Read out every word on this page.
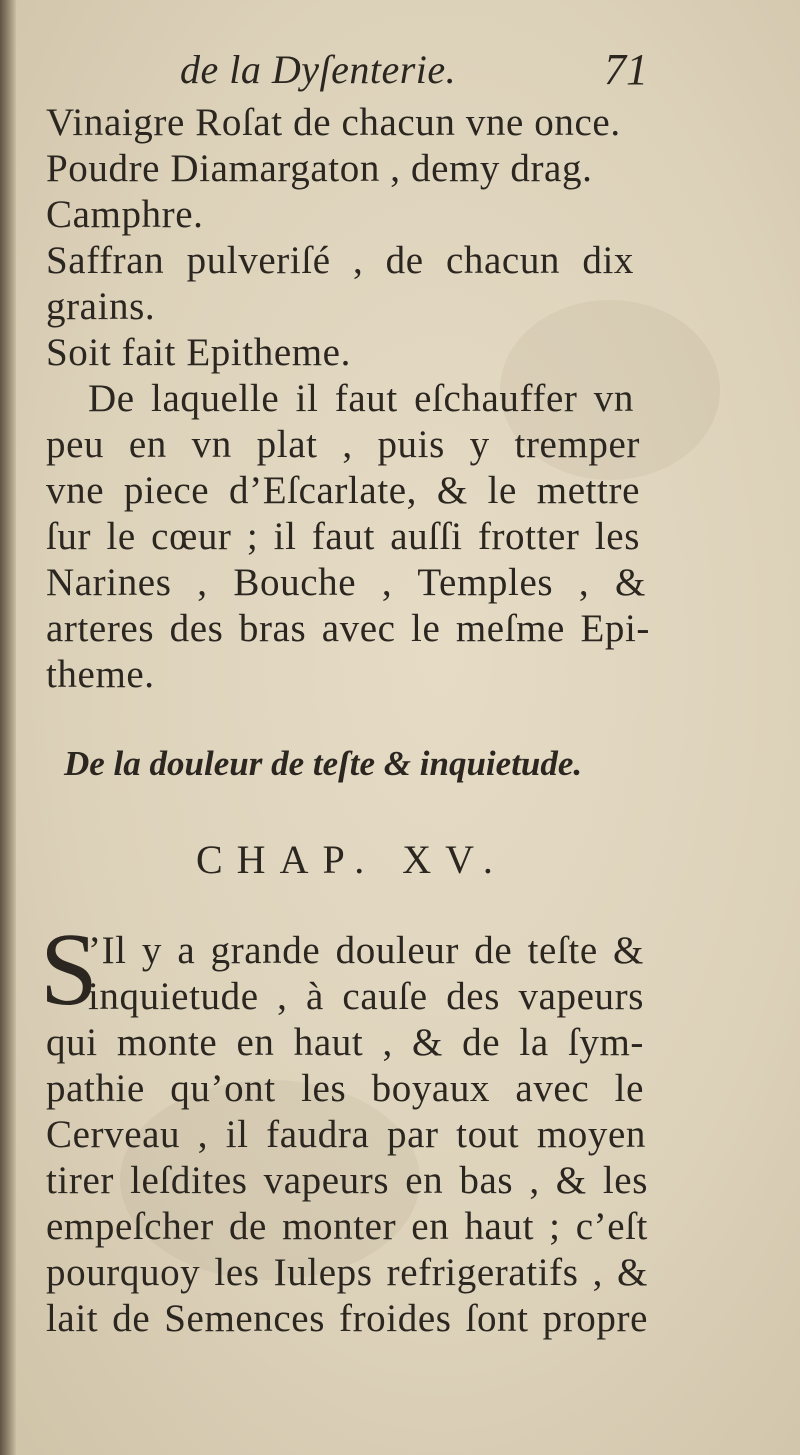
de la Dyſenterie.	71
Vinaigre Roſat de chacun vne once.
Poudre Diamargaton , demy drag.
Camphre.
Saffran pulveriſé , de chacun dix
grains.
Soit fait Epitheme.
De laquelle il faut eſchauffer vn
peu en vn plat , puis y tremper
vne piece d’Eſcarlate, & le mettre
ſur le cœur ; il faut auſſi frotter les
Narines , Bouche , Temples , &
arteres des bras avec le meſme Epi-
theme.
De la douleur de teſte & inquietude.
CHAP. XV.
S
’Il y a grande douleur de teſte &
inquietude , à cauſe des vapeurs
qui monte en haut , & de la ſym-
pathie qu’ont les boyaux avec le
Cerveau , il faudra par tout moyen
tirer leſdites vapeurs en bas , & les
empeſcher de monter en haut ; c’eſt
pourquoy les Iuleps refrigeratifs , &
lait de Semences froides ſont propre
